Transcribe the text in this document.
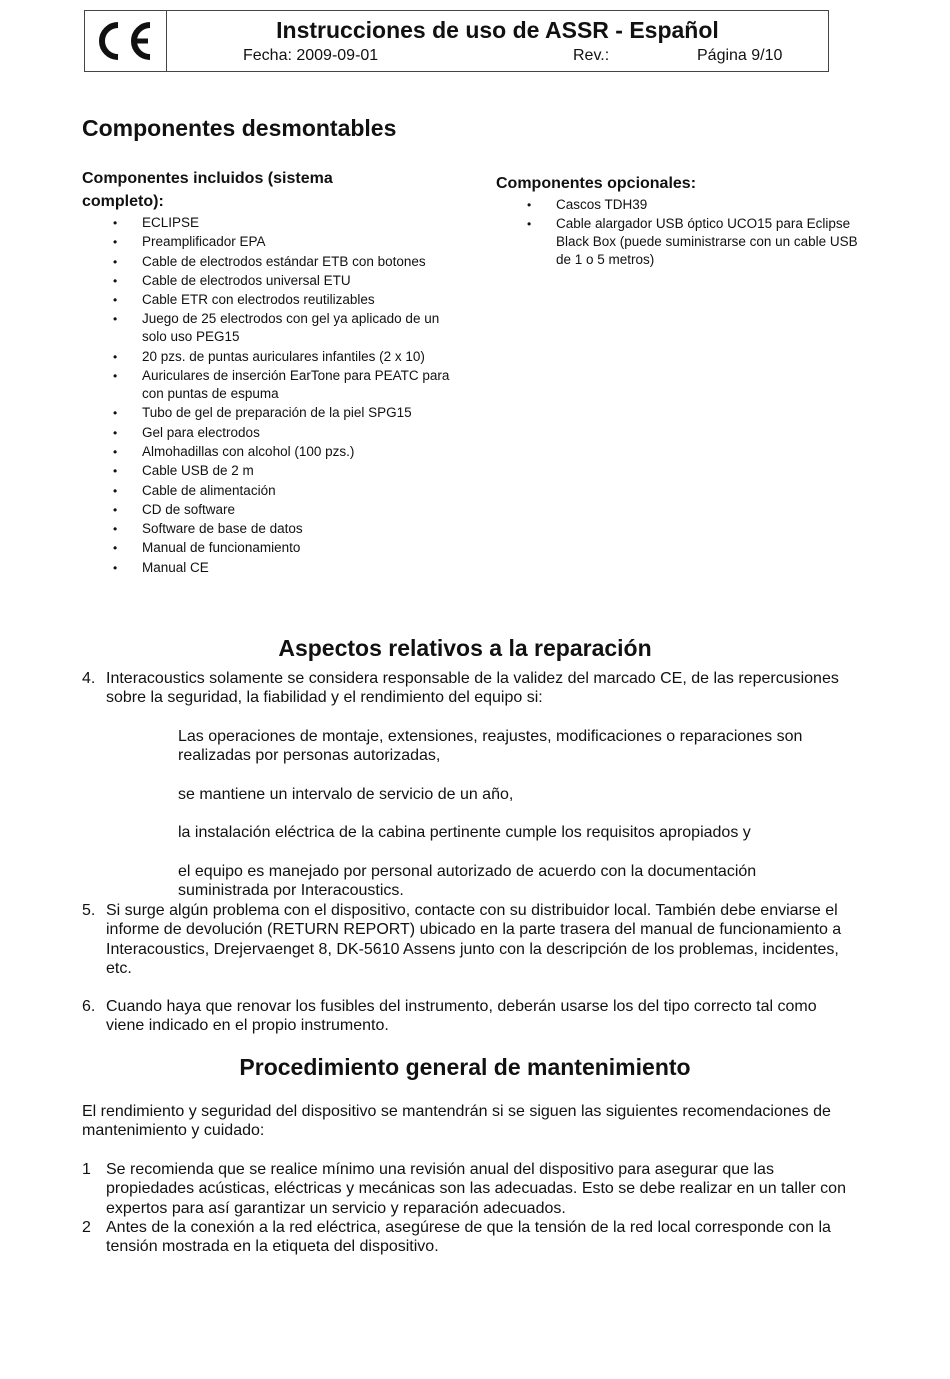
Instrucciones de uso de ASSR - Español
Fecha: 2009-09-01	Rev.:	Página 9/10
Componentes desmontables
Componentes incluidos (sistema completo):
• ECLIPSE
• Preamplificador EPA
• Cable de electrodos estándar ETB con botones
• Cable de electrodos universal ETU
• Cable ETR con electrodos reutilizables
• Juego de 25 electrodos con gel ya aplicado de un solo uso PEG15
• 20 pzs. de puntas auriculares infantiles (2 x 10)
• Auriculares de inserción EarTone para PEATC para con puntas de espuma
• Tubo de gel de preparación de la piel SPG15
• Gel para electrodos
• Almohadillas con alcohol (100 pzs.)
• Cable USB de 2 m
• Cable de alimentación
• CD de software
• Software de base de datos
• Manual de funcionamiento
• Manual CE
Componentes opcionales:
• Cascos TDH39
• Cable alargador USB óptico UCO15 para Eclipse Black Box (puede suministrarse con un cable USB de 1 o 5 metros)
Aspectos relativos a la reparación
4. Interacoustics solamente se considera responsable de la validez del marcado CE, de las repercusiones sobre la seguridad, la fiabilidad y el rendimiento del equipo si:
Las operaciones de montaje, extensiones, reajustes, modificaciones o reparaciones son realizadas por personas autorizadas,
se mantiene un intervalo de servicio de un año,
la instalación eléctrica de la cabina pertinente cumple los requisitos apropiados y
el equipo es manejado por personal autorizado de acuerdo con la documentación suministrada por Interacoustics.
5. Si surge algún problema con el dispositivo, contacte con su distribuidor local. También debe enviarse el informe de devolución (RETURN REPORT) ubicado en la parte trasera del manual de funcionamiento a Interacoustics, Drejervaenget 8, DK-5610 Assens junto con la descripción de los problemas, incidentes, etc.
6. Cuando haya que renovar los fusibles del instrumento, deberán usarse los del tipo correcto tal como viene indicado en el propio instrumento.
Procedimiento general de mantenimiento
El rendimiento y seguridad del dispositivo se mantendrán si se siguen las siguientes recomendaciones de mantenimiento y cuidado:
1 Se recomienda que se realice mínimo una revisión anual del dispositivo para asegurar que las propiedades acústicas, eléctricas y mecánicas son las adecuadas. Esto se debe realizar en un taller con expertos para así garantizar un servicio y reparación adecuados.
2 Antes de la conexión a la red eléctrica, asegúrese de que la tensión de la red local corresponde con la tensión mostrada en la etiqueta del dispositivo.
